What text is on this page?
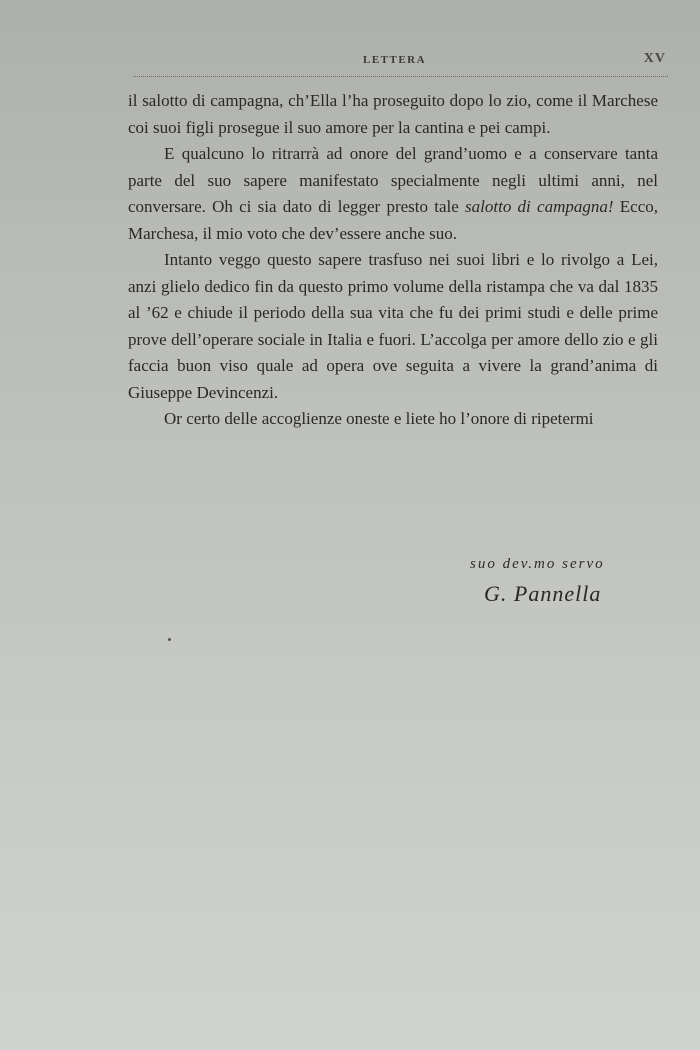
LETTERA	XV

il salotto di campagna, ch’Ella l’ha proseguito dopo lo zio, come il Marchese coi suoi figli prosegue il suo amore per la cantina e pei campi.

E qualcuno lo ritrarrà ad onore del grand’uomo e a conservare tanta parte del suo sapere manifestato specialmente negli ultimi anni, nel conversare. Oh ci sia dato di legger presto tale salotto di campagna! Ecco, Marchesa, il mio voto che dev’essere anche suo.

Intanto veggo questo sapere trasfuso nei suoi libri e lo rivolgo a Lei, anzi glielo dedico fin da questo primo volume della ristampa che va dal 1835 al ’62 e chiude il periodo della sua vita che fu dei primi studi e delle prime prove dell’operare sociale in Italia e fuori. L’accolga per amore dello zio e gli faccia buon viso quale ad opera ove seguita a vivere la grand’anima di Giuseppe Devincenzi.

Or certo delle accoglienze oneste e liete ho l’onore di ripetermi

suo dev.mo servo
G. Pannella
